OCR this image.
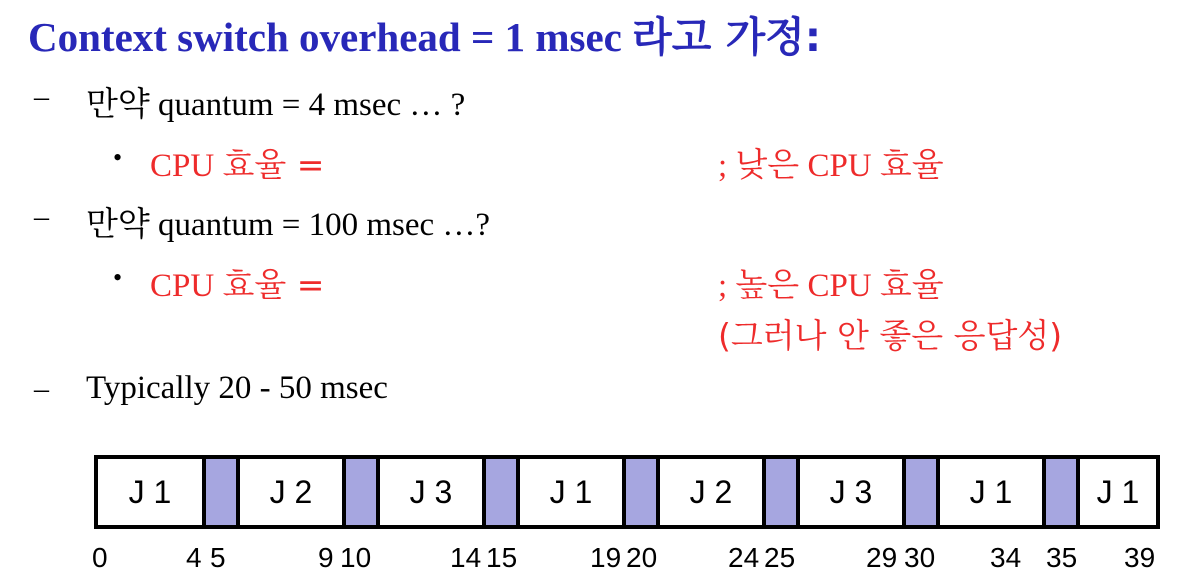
Context switch overhead = 1 msec 라고 가정:
– 만약 quantum = 4 msec … ?
• CPU 효율 =	; 낮은 CPU 효율
– 만약 quantum = 100 msec …?
• CPU 효율 =	; 높은 CPU 효율
(그러나 안 좋은 응답성)
– Typically 20 - 50 msec
J 1	J 2	J 3	J 1	J 2	J 3	J 1	J 1
0	4 5	9 10	14 15	19 20	24 25	29 30 34 35 39
